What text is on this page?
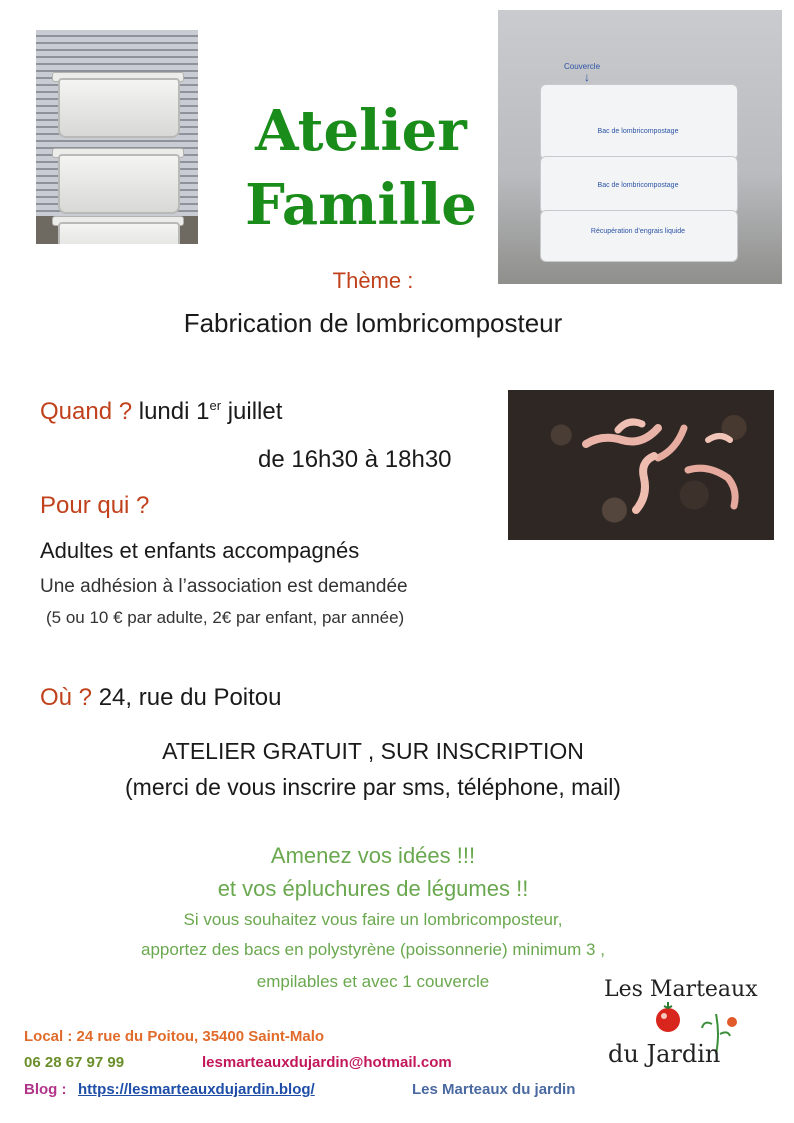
Atelier
Famille
Couvercle
↓
Bac de lombricompostage
Bac de lombricompostage
Récupération d’engrais liquide
Thème :
Fabrication de lombricomposteur
Quand ? lundi 1er juillet
de 16h30 à 18h30
Pour qui ?
Adultes et enfants accompagnés
Une adhésion à l’association est demandée
(5 ou 10 € par adulte, 2€ par enfant, par année)
Où ? 24, rue du Poitou
ATELIER GRATUIT , SUR INSCRIPTION
(merci de vous inscrire par sms, téléphone, mail)
Amenez vos idées !!!
et vos épluchures de légumes !!
Si vous souhaitez vous faire un lombricomposteur,
apportez des bacs en polystyrène (poissonnerie) minimum 3 ,
empilables et avec 1 couvercle	Les Marteaux
du Jardin
Local : 24 rue du Poitou, 35400 Saint-Malo
06 28 67 97 99	lesmarteauxdujardin@hotmail.com
Blog : https://lesmarteauxdujardin.blog/	Les Marteaux du jardin
